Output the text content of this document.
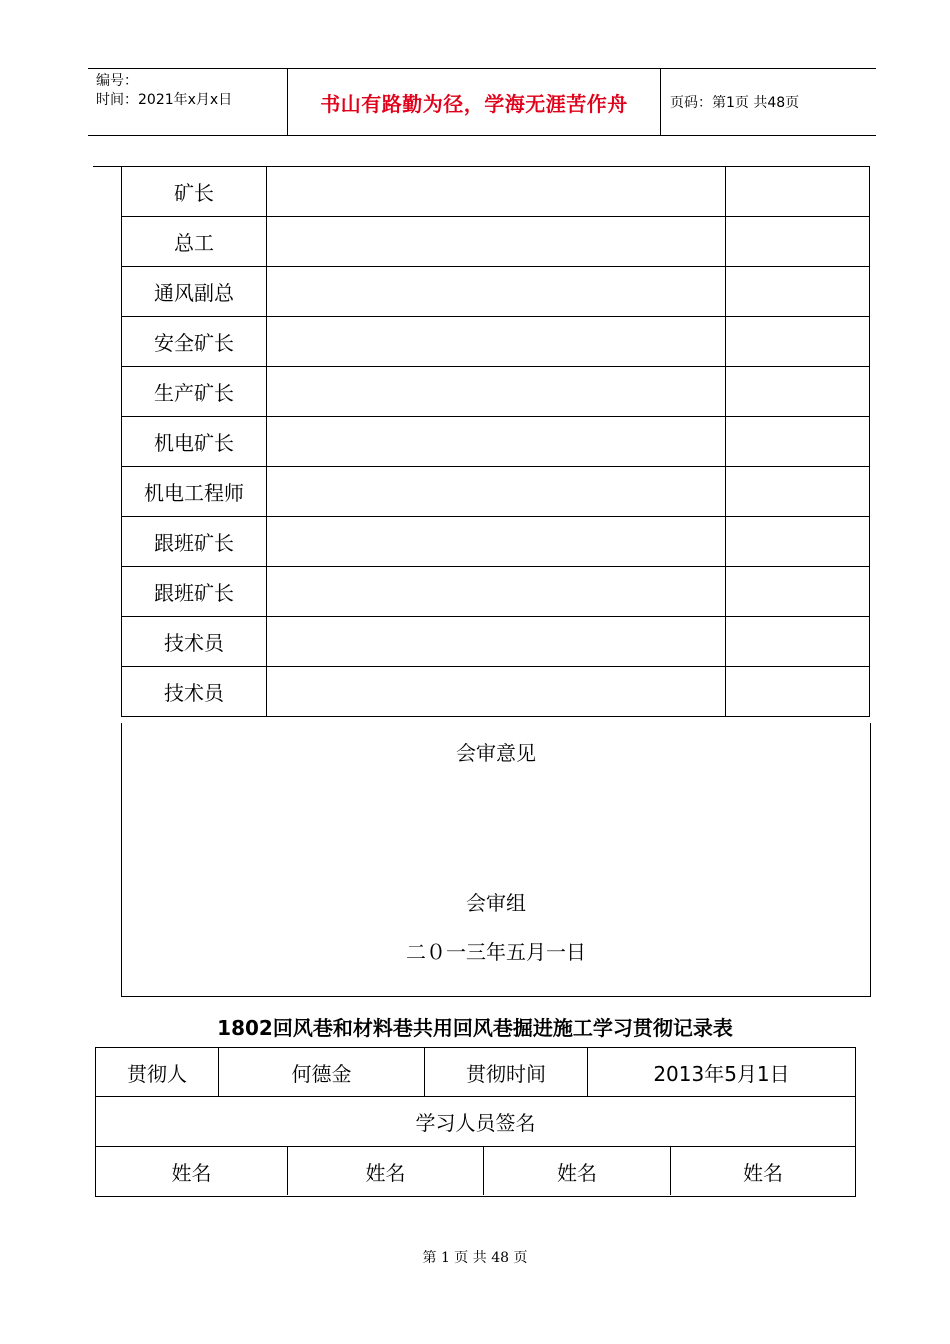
编号：
时间：2021年x月x日	书山有路勤为径，学海无涯苦作舟	页码：第1页 共48页
矿长		
总工		
通风副总		
安全矿长		
生产矿长		
机电矿长		
机电工程师		
跟班矿长		
跟班矿长		
技术员		
技术员		
会审意见
会审组
二０一三年五月一日
1802回风巷和材料巷共用回风巷掘进施工学习贯彻记录表
贯彻人	何德金	贯彻时间	2013年5月1日
学习人员签名
姓名	姓名	姓名	姓名
第 1 页 共 48 页
